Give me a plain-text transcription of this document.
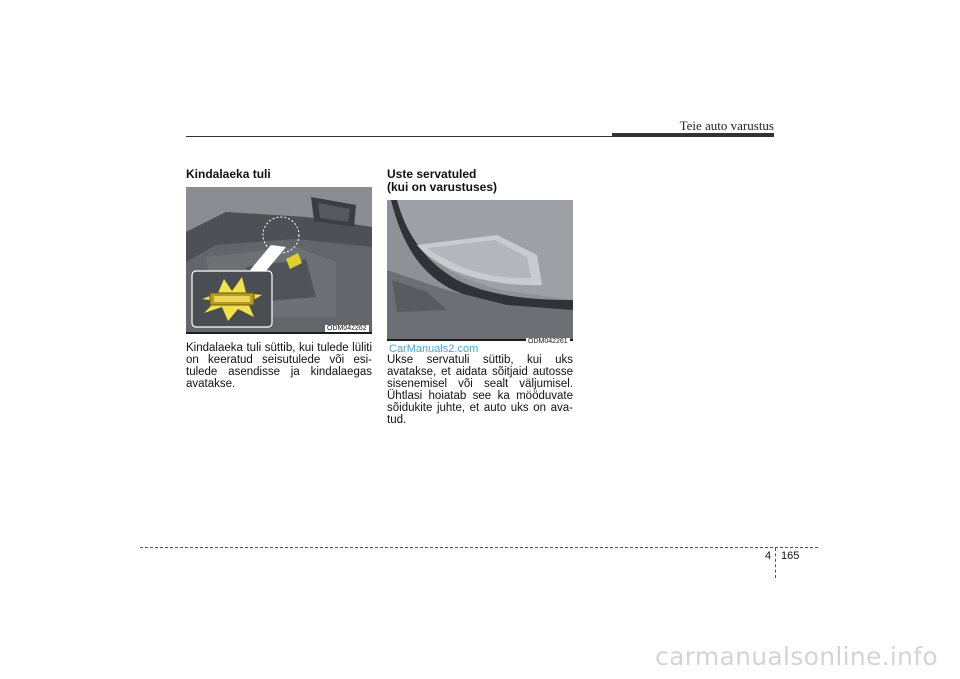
Teie auto varustus
Kindalaeka tuli
ODM042262
Kindalaeka tuli süttib, kui tulede lüliti on keeratud seisutulede või esi-tulede asendisse ja kindalaegas avatakse.
Uste servatuled
(kui on varustuses)
ODM042261
CarManuals2.com
Ukse servatuli süttib, kui uks avatakse, et aidata sõitjaid autosse sisenemisel või sealt väljumisel. Ühtlasi hoiatab see ka mööduvate sõidukite juhte, et auto uks on ava-tud.
4 165
carmanualsonline.info
